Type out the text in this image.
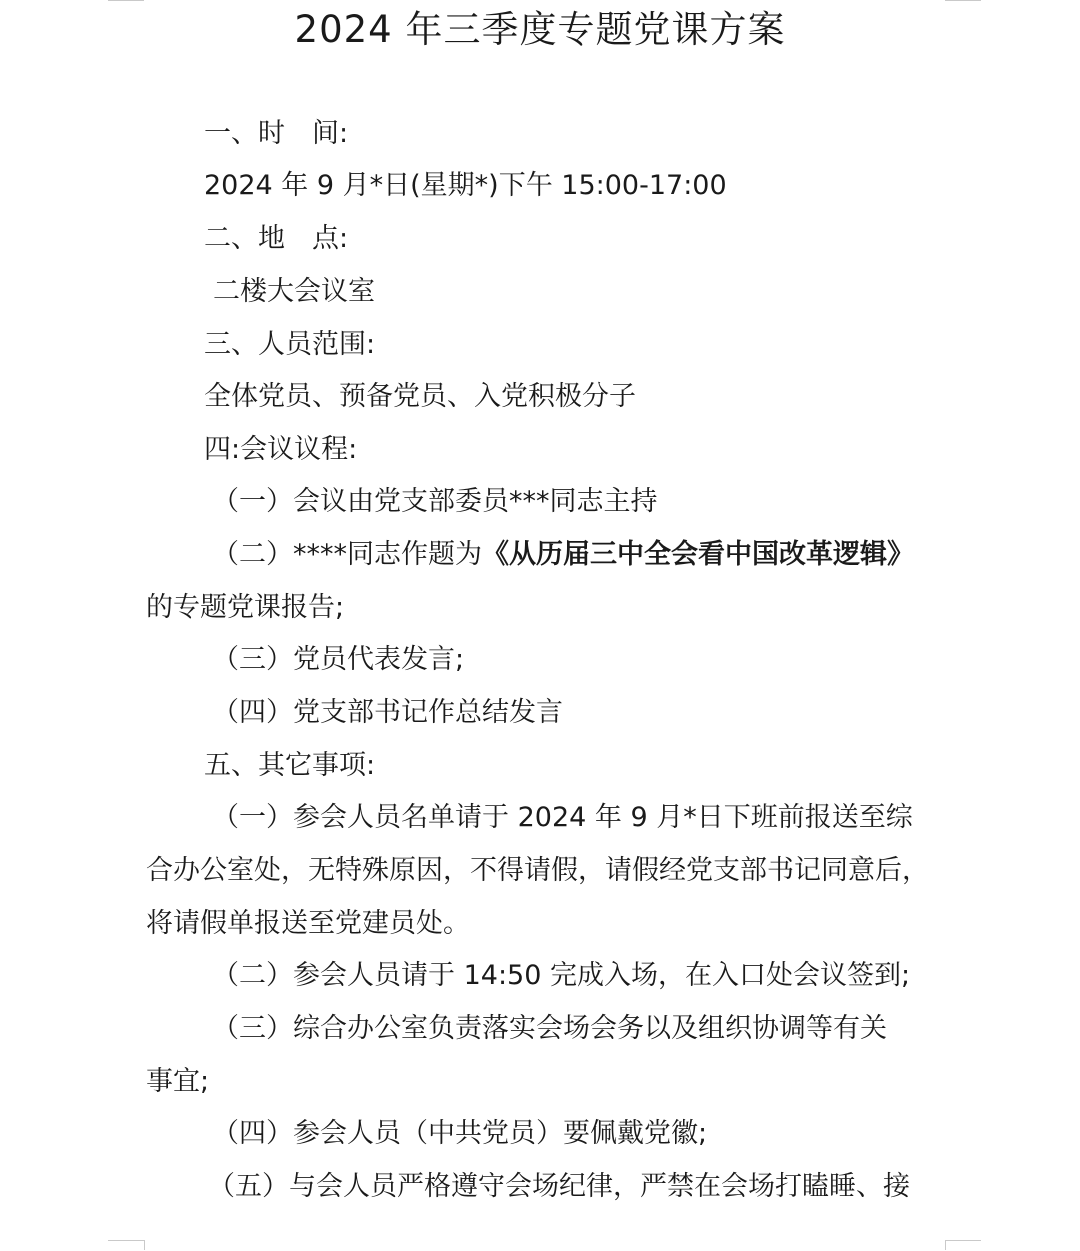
2024 年三季度专题党课方案

一、时　间:

2024 年 9 月*日(星期*)下午 15:00-17:00

二、地　点:

二楼大会议室

三、人员范围:

全体党员、预备党员、入党积极分子

四:会议议程:

（一）会议由党支部委员***同志主持

（二）****同志作题为《从历届三中全会看中国改革逻辑》

的专题党课报告;

（三）党员代表发言;

（四）党支部书记作总结发言

五、其它事项:

（一）参会人员名单请于 2024 年 9 月*日下班前报送至综

合办公室处，无特殊原因，不得请假，请假经党支部书记同意后，

将请假单报送至党建员处。

（二）参会人员请于 14:50 完成入场，在入口处会议签到;

（三）综合办公室负责落实会场会务以及组织协调等有关

事宜;

（四）参会人员（中共党员）要佩戴党徽;

（五）与会人员严格遵守会场纪律，严禁在会场打瞌睡、接
